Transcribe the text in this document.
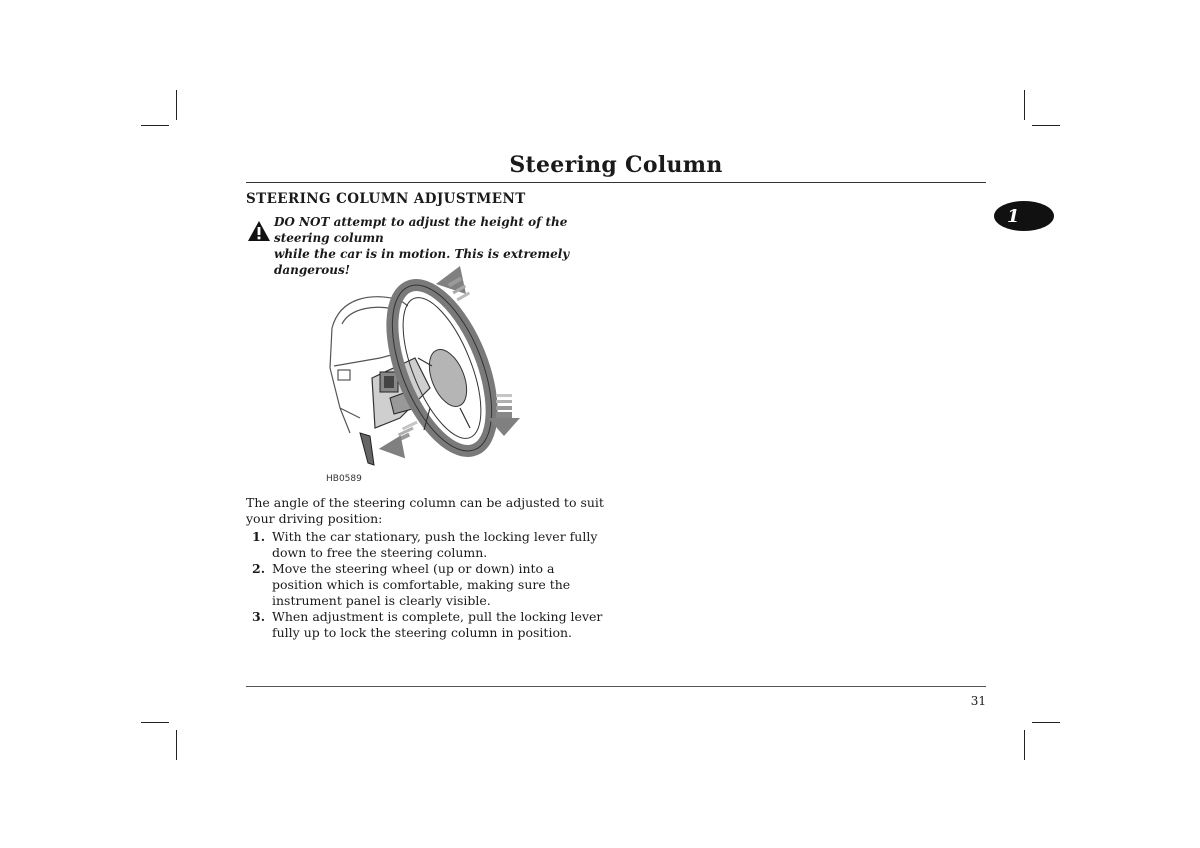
Steering Column
1
STEERING COLUMN ADJUSTMENT
DO NOT attempt to adjust the height of the steering column
while the car is in motion. This is extremely dangerous!
HB0589
The angle of the steering column can be adjusted to suit your driving position:
1. With the car stationary, push the locking lever fully down to free the steering column.
2. Move the steering wheel (up or down) into a position which is comfortable, making sure the instrument panel is clearly visible.
3. When adjustment is complete, pull the locking lever fully up to lock the steering column in position.
31
